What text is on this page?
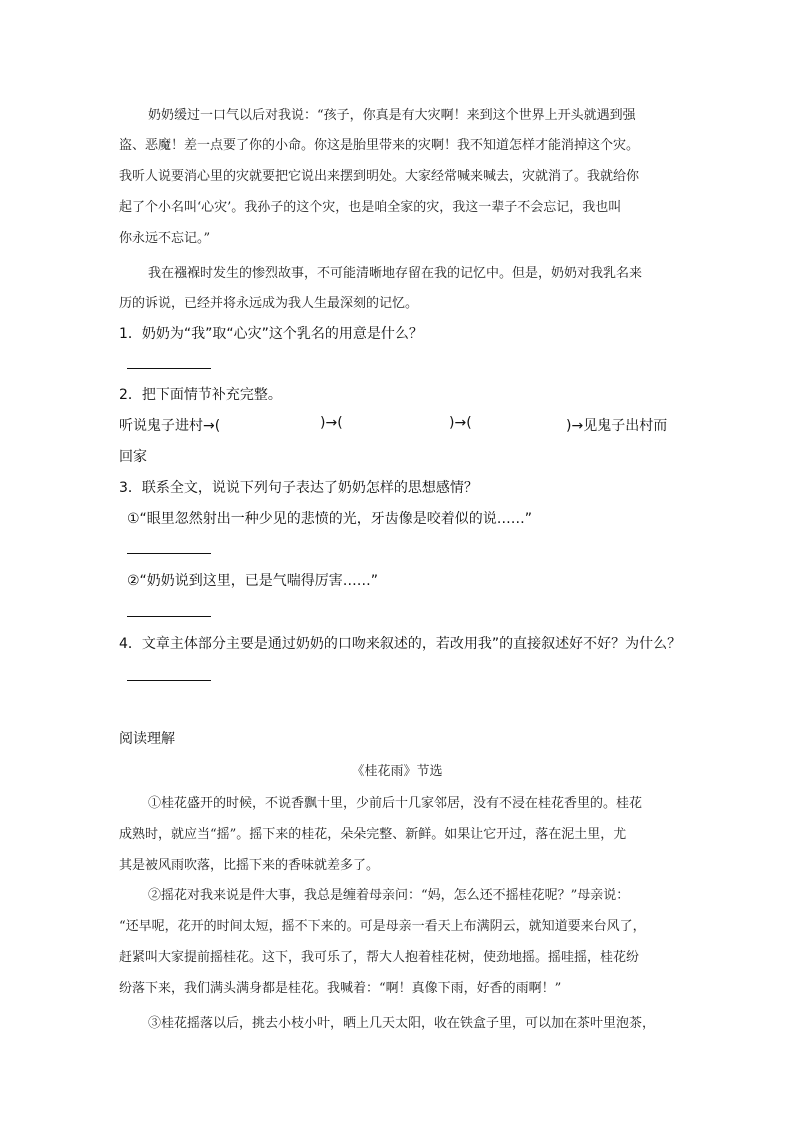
奶奶缓过一口气以后对我说：“孩子，你真是有大灾啊！来到这个世界上开头就遇到强
盗、恶魔！差一点要了你的小命。你这是胎里带来的灾啊！我不知道怎样才能消掉这个灾。
我听人说要消心里的灾就要把它说出来摆到明处。大家经常喊来喊去，灾就消了。我就给你
起了个小名叫‘心灾’。我孙子的这个灾，也是咱全家的灾，我这一辈子不会忘记，我也叫
你永远不忘记。”
我在襁褓时发生的惨烈故事，不可能清晰地存留在我的记忆中。但是，奶奶对我乳名来
历的诉说，已经并将永远成为我人生最深刻的记忆。
1．奶奶为“我”取“心灾”这个乳名的用意是什么？
2．把下面情节补充完整。
听说鬼子进村→(	)→(	)→(	)→见鬼子出村而
回家
3．联系全文，说说下列句子表达了奶奶怎样的思想感情？
①“眼里忽然射出一种少见的悲愤的光，牙齿像是咬着似的说……”
②“奶奶说到这里，已是气喘得厉害……”
4．文章主体部分主要是通过奶奶的口吻来叙述的，若改用我”的直接叙述好不好？为什么？
阅读理解
《桂花雨》节选
①桂花盛开的时候，不说香飘十里，少前后十几家邻居，没有不浸在桂花香里的。桂花
成熟时，就应当“摇”。摇下来的桂花，朵朵完整、新鲜。如果让它开过，落在泥土里，尤
其是被风雨吹落，比摇下来的香味就差多了。
②摇花对我来说是件大事，我总是缠着母亲问：“妈，怎么还不摇桂花呢？”母亲说：
“还早呢，花开的时间太短，摇不下来的。可是母亲一看天上布满阴云，就知道要来台风了，
赶紧叫大家提前摇桂花。这下，我可乐了，帮大人抱着桂花树，使劲地摇。摇哇摇，桂花纷
纷落下来，我们满头满身都是桂花。我喊着：“啊！真像下雨，好香的雨啊！”
③桂花摇落以后，挑去小枝小叶，晒上几天太阳，收在铁盒子里，可以加在茶叶里泡茶，
